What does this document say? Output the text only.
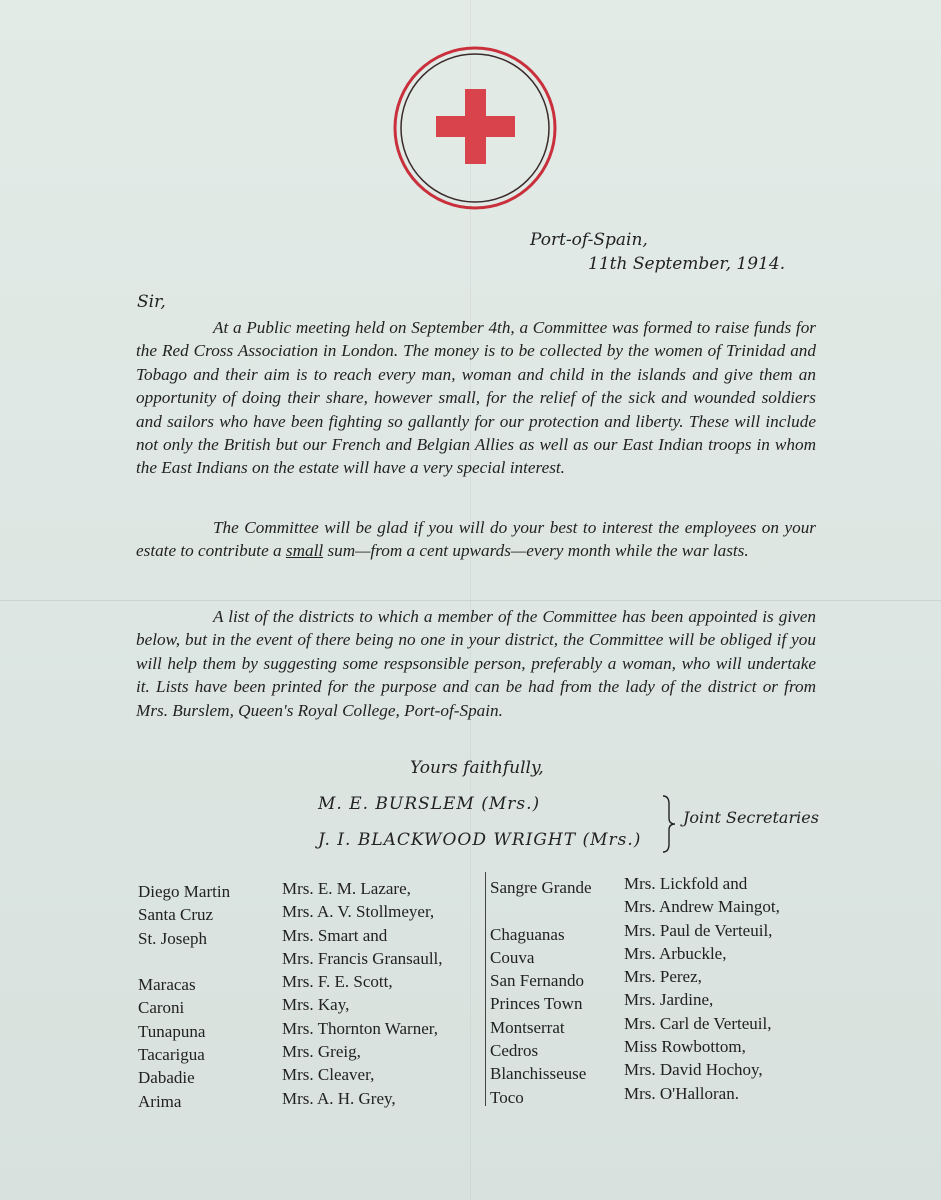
Port-of-Spain,
11th September, 1914.
Sir,

At a Public meeting held on September 4th, a Committee was formed to raise funds for the Red Cross Association in London. The money is to be collected by the women of Trinidad and Tobago and their aim is to reach every man, woman and child in the islands and give them an opportunity of doing their share, however small, for the relief of the sick and wounded soldiers and sailors who have been fighting so gallantly for our protection and liberty. These will include not only the British but our French and Belgian Allies as well as our East Indian troops in whom the East Indians on the estate will have a very special interest.

The Committee will be glad if you will do your best to interest the employees on your estate to contribute a small sum—from a cent upwards—every month while the war lasts.

A list of the districts to which a member of the Committee has been appointed is given below, but in the event of there being no one in your district, the Committee will be obliged if you will help them by suggesting some respsonsible person, preferably a woman, who will undertake it. Lists have been printed for the purpose and can be had from the lady of the district or from Mrs. Burslem, Queen's Royal College, Port-of-Spain.

Yours faithfully,
M. E. BURSLEM (Mrs.)
J. I. BLACKWOOD WRIGHT (Mrs.)
Joint Secretaries
Diego Martin
Santa Cruz
St. Joseph
Maracas
Caroni
Tunapuna
Tacarigua
Dabadie
Arima
Mrs. E. M. Lazare,
Mrs. A. V. Stollmeyer,
Mrs. Smart and
Mrs. Francis Gransaull,
Mrs. F. E. Scott,
Mrs. Kay,
Mrs. Thornton Warner,
Mrs. Greig,
Mrs. Cleaver,
Mrs. A. H. Grey,
Sangre Grande
Chaguanas
Couva
San Fernando
Princes Town
Montserrat
Cedros
Blanchisseuse
Toco
Mrs. Lickfold and
Mrs. Andrew Maingot,
Mrs. Paul de Verteuil,
Mrs. Arbuckle,
Mrs. Perez,
Mrs. Jardine,
Mrs. Carl de Verteuil,
Miss Rowbottom,
Mrs. David Hochoy,
Mrs. O'Halloran.
